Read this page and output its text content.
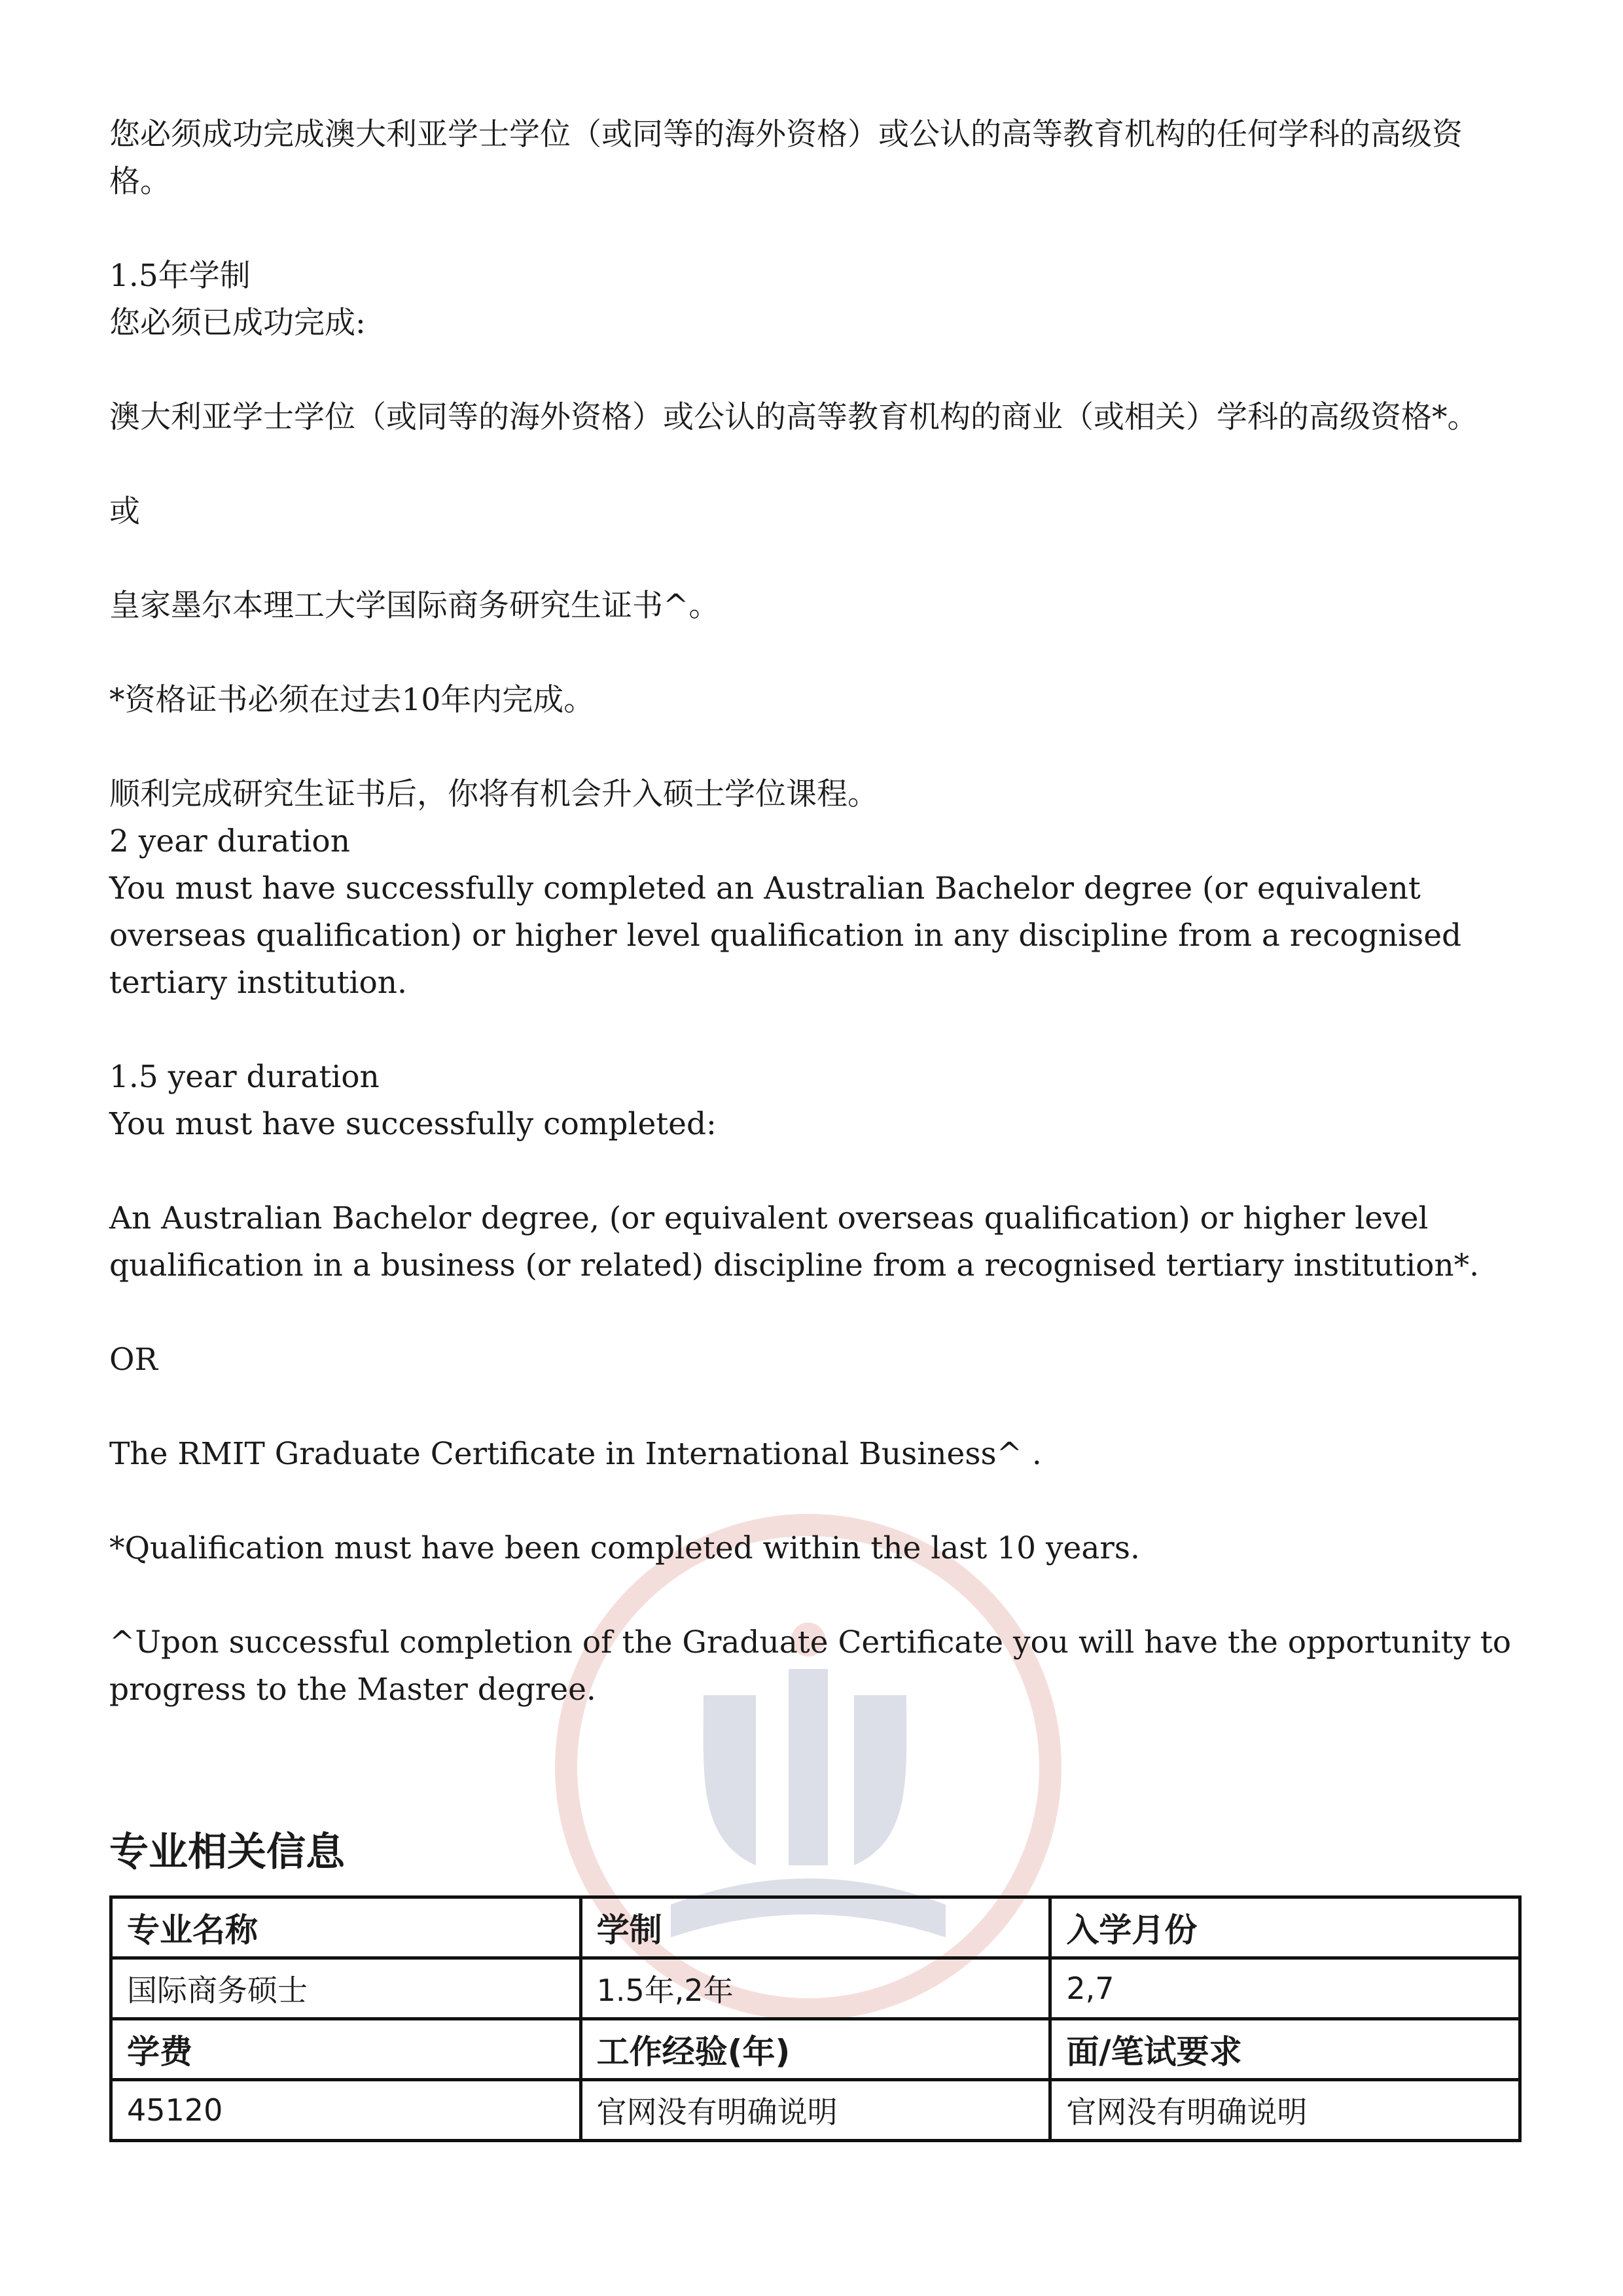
您必须成功完成澳大利亚学士学位（或同等的海外资格）或公认的高等教育机构的任何学科的高级资格。

1.5年学制

您必须已成功完成:

澳大利亚学士学位（或同等的海外资格）或公认的高等教育机构的商业（或相关）学科的高级资格*。

或

皇家墨尔本理工大学国际商务研究生证书^。

*资格证书必须在过去10年内完成。

顺利完成研究生证书后，你将有机会升入硕士学位课程。

2 year duration

You must have successfully completed an Australian Bachelor degree (or equivalent overseas qualification) or higher level qualification in any discipline from a recognised tertiary institution.

1.5 year duration

You must have successfully completed:

An Australian Bachelor degree, (or equivalent overseas qualification) or higher level qualification in a business (or related) discipline from a recognised tertiary institution*.

OR

The RMIT Graduate Certificate in International Business^ .

*Qualification must have been completed within the last 10 years.

^Upon successful completion of the Graduate Certificate you will have the opportunity to progress to the Master degree.

专业相关信息
专业名称	学制	入学月份
国际商务硕士	1.5年,2年	2,7
学费	工作经验(年)	面/笔试要求
45120	官网没有明确说明	官网没有明确说明
